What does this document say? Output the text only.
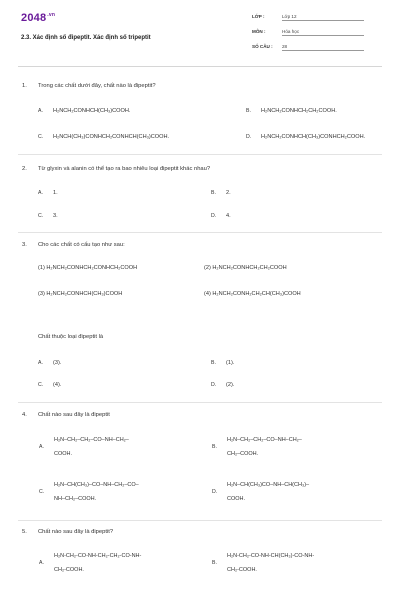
$2048^{.vn}$
2.3. Xác định số đipeptit. Xác định số tripeptit
LỚP :	Lớp 12
MÔN :	Hóa học
SỐ CÂU : 28
1. Trong các chất dưới đây, chất nào là đipeptit?
A. H₂NCH₂CONHCH(CH₃)COOH.	B. H₂NCH₂CONHCH₂CH₂COOH.
C. H₂NCH(CH₃)CONHCH₂CONHCH(CH₃)COOH.	D. H₂NCH₂CONHCH(CH₃)CONHCH₂COOH.
2. Từ glyxin và alanin có thể tạo ra bao nhiêu loại đipeptit khác nhau?
A. 1.	B. 2.
C. 3.	D. 4.
3. Cho các chất có cấu tạo như sau:
(1) H₂NCH₂CONHCH₂CONHCH₂COOH	(2) H₂NCH₂CONHCH₂CH₂COOH
(3) H₂NCH₂CONHCH(CH₃)COOH	(4) H₂NCH₂CONH₂CH₂CH(CH₃)COOH
Chất thuộc loại đipeptit là
A. (3).	B. (1).
C. (4).	D. (2).
4. Chất nào sau đây là đipeptit
A.
H₂N–CH₂–CH₂–CO–NH–CH₂–
COOH.
B.
H₂N–CH₂–CH₂–CO–NH–CH₂–
CH₂–COOH.
C.
H₂N–CH(CH₃)–CO–NH–CH₂–CO–
NH–CH₂–COOH.
D.
H₂N–CH(CH₃)CO–NH–CH(CH₃)–
COOH.
5. Chất nào sau đây là đipeptit?
A.
H₂N-CH₂-CO-NH-CH₂-CH₂-CO-NH-
CH₂-COOH.
B.
H₂N-CH₂-CO-NH-CH(CH₃)-CO-NH-
CH₂-COOH.
